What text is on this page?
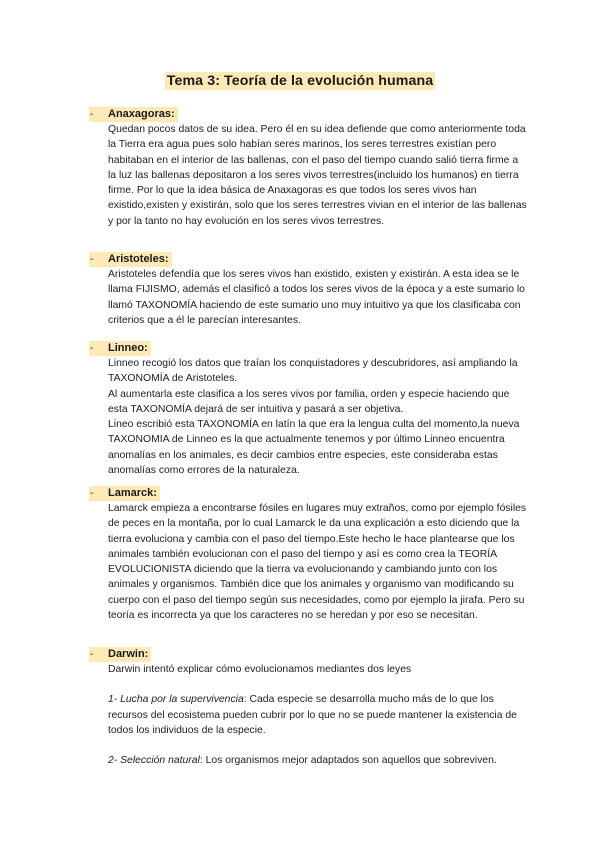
Tema 3: Teoría de la evolución humana
-	Anaxagoras:

Quedan pocos datos de su idea. Pero él en su idea defiende que como anteriormente toda la Tierra era agua pues solo habían seres marinos, los seres terrestres existían pero habitaban en el interior de las ballenas, con el paso del tiempo cuando salió tierra firme a la luz las ballenas depositaron a los seres vivos terrestres(incluido los humanos) en tierra firme. Por lo que la idea básica de Anaxagoras es que todos los seres vivos han existido,existen y existirán, solo que los seres terrestres vivian en el interior de las ballenas y por la tanto no hay evolución en los seres vivos terrestres.

-	Aristoteles:

Aristoteles defendía que los seres vivos han existido, existen y existirán. A esta idea se le llama FIJISMO, además el clasificó a todos los seres vivos de la época y a este sumario lo llamó TAXONOMÍA haciendo de este sumario uno muy intuitivo ya que los clasificaba con criterios que a él le parecían interesantes.

-	Linneo:

Linneo recogió los datos que traían los conquistadores y descubridores, así ampliando la TAXONOMÍA de Aristoteles.

Al aumentarla este clasifica a los seres vivos por familia, orden y especie haciendo que esta TAXONOMÍA dejará de ser intuitiva y pasará a ser objetiva.

Lineo escribió esta TAXONOMÍA en latín la que era la lengua culta del momento,la nueva TAXONOMIA de Linneo es la que actualmente tenemos y por último Linneo encuentra anomalías en los animales, es decir cambios entre especies, este consideraba estas anomalías como errores de la naturaleza.

-	Lamarck:

Lamarck empieza a encontrarse fósiles en lugares muy extraños, como por ejemplo fósiles de peces en la montaña, por lo cual Lamarck le da una explicación a esto diciendo que la tierra evoluciona y cambia con el paso del tiempo.Este hecho le hace plantearse que los animales también evolucionan con el paso del tiempo y así es como crea la TEORÍA EVOLUCIONISTA diciendo que la tierra va evolucionando y cambiando junto con los animales y organismos. También dice que los animales y organismo van modificando su cuerpo con el paso del tiempo según sus necesidades, como por ejemplo la jirafa. Pero su teoría es incorrecta ya que los caracteres no se heredan y por eso se necesitan.

-	Darwin:

Darwin intentó explicar cómo evolucionamos mediantes dos leyes

1- Lucha por la supervivencia: Cada especie se desarrolla mucho más de lo que los recursos del ecosistema pueden cubrir por lo que no se puede mantener la existencia de todos los individuos de la especie.

2- Selección natural: Los organismos mejor adaptados son aquellos que sobreviven.
